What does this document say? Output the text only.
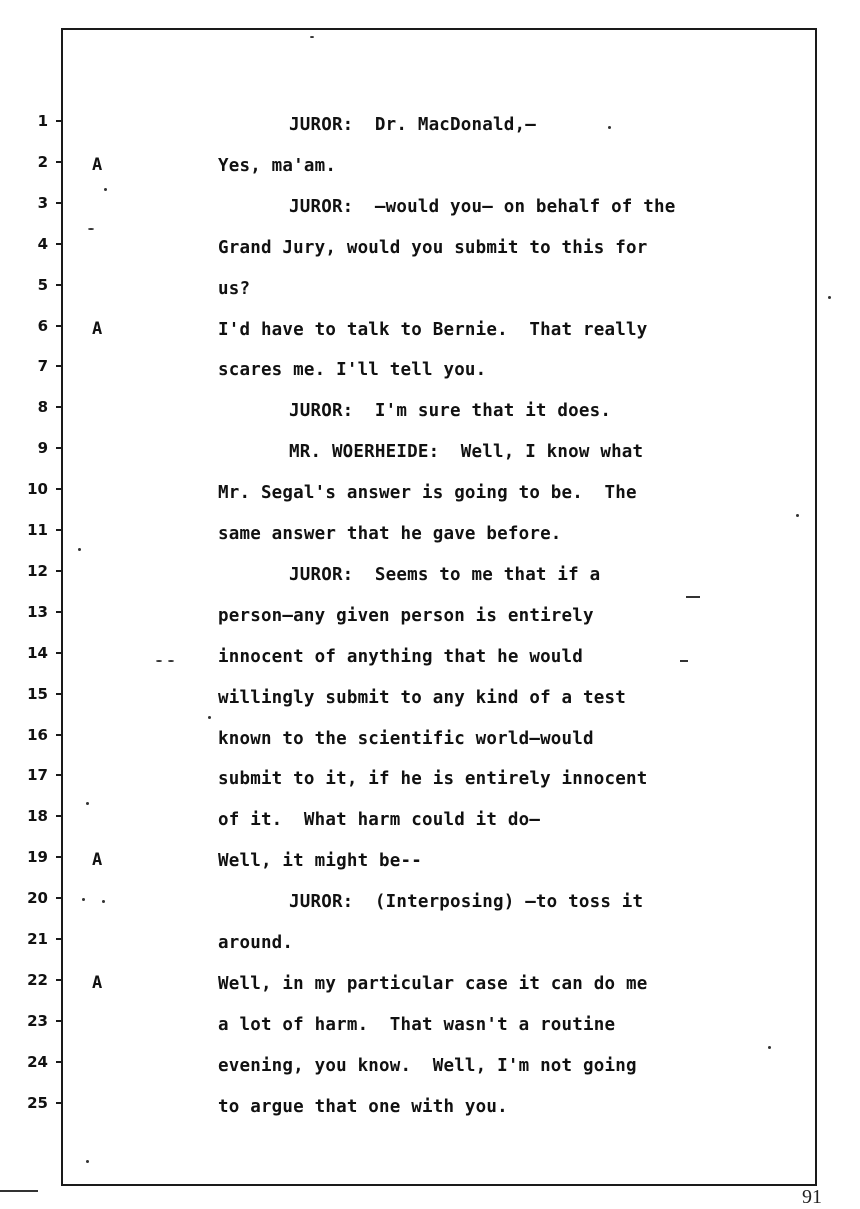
1	JUROR:  Dr. MacDonald,—
2	A	Yes, ma'am.
3	JUROR:  —would you— on behalf of the
4	Grand Jury, would you submit to this for
5	us?
6	A	I'd have to talk to Bernie.  That really
7	scares me. I'll tell you.
8	JUROR:  I'm sure that it does.
9	MR. WOERHEIDE:  Well, I know what
10	Mr. Segal's answer is going to be.  The
11	same answer that he gave before.
12	JUROR:  Seems to me that if a
13	person—any given person is entirely
14	innocent of anything that he would
15	willingly submit to any kind of a test
16	known to the scientific world—would
17	submit to it, if he is entirely innocent
18	of it.  What harm could it do—
19	A	Well, it might be--
20	JUROR:  (Interposing) —to toss it
21	around.
22	A	Well, in my particular case it can do me
23	a lot of harm.  That wasn't a routine
24	evening, you know.  Well, I'm not going
25	to argue that one with you.
91
